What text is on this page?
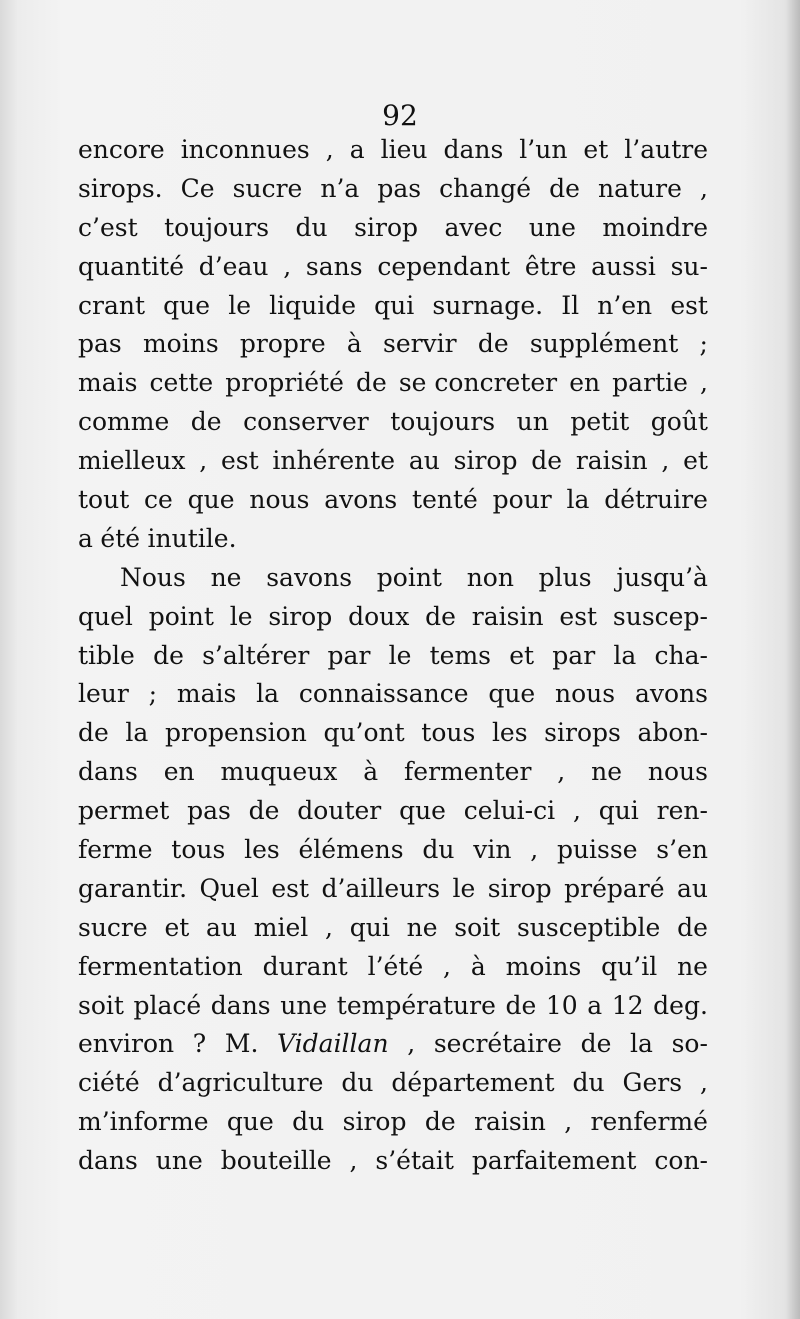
92
encore inconnues , a lieu dans l’un et l’autre
sirops. Ce sucre n’a pas changé de nature ,
c’est toujours du sirop avec une moindre
quantité d’eau , sans cependant être aussi su-
crant que le liquide qui surnage. Il n’en est
pas moins propre à servir de supplément ;
mais cette propriété de se concreter en partie ,
comme de conserver toujours un petit goût
mielleux , est inhérente au sirop de raisin , et
tout ce que nous avons tenté pour la détruire
a été inutile.
Nous ne savons point non plus jusqu’à
quel point le sirop doux de raisin est suscep-
tible de s’altérer par le tems et par la cha-
leur ; mais la connaissance que nous avons
de la propension qu’ont tous les sirops abon-
dans en muqueux à fermenter , ne nous
permet pas de douter que celui-ci , qui ren-
ferme tous les élémens du vin , puisse s’en
garantir. Quel est d’ailleurs le sirop préparé au
sucre et au miel , qui ne soit susceptible de
fermentation durant l’été , à moins qu’il ne
soit placé dans une température de 10 a 12 deg.
environ ? M. Vidaillan , secrétaire de la so-
ciété d’agriculture du département du Gers ,
m’informe que du sirop de raisin , renfermé
dans une bouteille , s’était parfaitement con-
